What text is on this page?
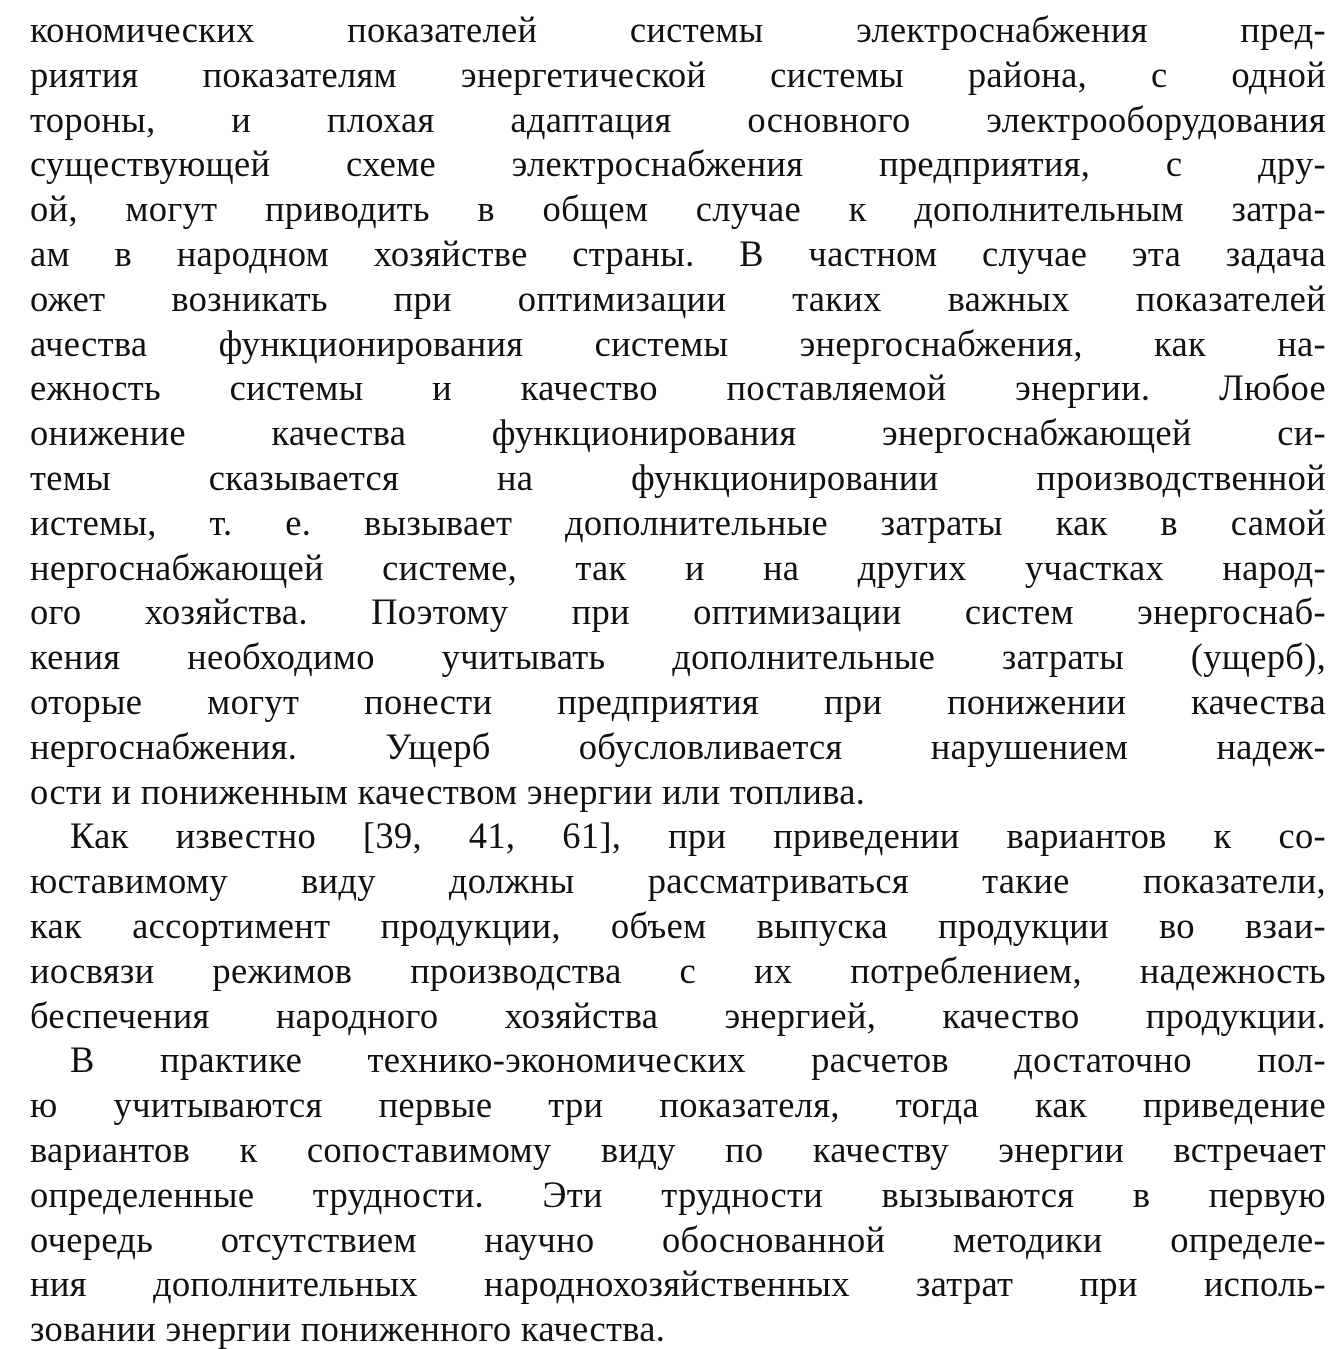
кономических показателей системы электроснабжения пред-
риятия показателям энергетической системы района, с одной
тороны, и плохая адаптация основного электрооборудования
существующей схеме электроснабжения предприятия, с дру-
ой, могут приводить в общем случае к дополнительным затра-
ам в народном хозяйстве страны. В частном случае эта задача
ожет возникать при оптимизации таких важных показателей
ачества функционирования системы энергоснабжения, как на-
ежность системы и качество поставляемой энергии. Любое
онижение качества функционирования энергоснабжающей си-
темы сказывается на функционировании производственной
истемы, т. е. вызывает дополнительные затраты как в самой
нергоснабжающей системе, так и на других участках народ-
ого хозяйства. Поэтому при оптимизации систем энергоснаб-
кения необходимо учитывать дополнительные затраты (ущерб),
оторые могут понести предприятия при понижении качества
нергоснабжения. Ущерб обусловливается нарушением надеж-
ости и пониженным качеством энергии или топлива.
Как известно [39, 41, 61], при приведении вариантов к со-
юставимому виду должны рассматриваться такие показатели,
как ассортимент продукции, объем выпуска продукции во взаи-
иосвязи режимов производства с их потреблением, надежность
беспечения народного хозяйства энергией, качество продукции.
В практике технико-экономических расчетов достаточно пол-
ю учитываются первые три показателя, тогда как приведение
вариантов к сопоставимому виду по качеству энергии встречает
определенные трудности. Эти трудности вызываются в первую
очередь отсутствием научно обоснованной методики определе-
ния дополнительных народнохозяйственных затрат при исполь-
зовании энергии пониженного качества.
